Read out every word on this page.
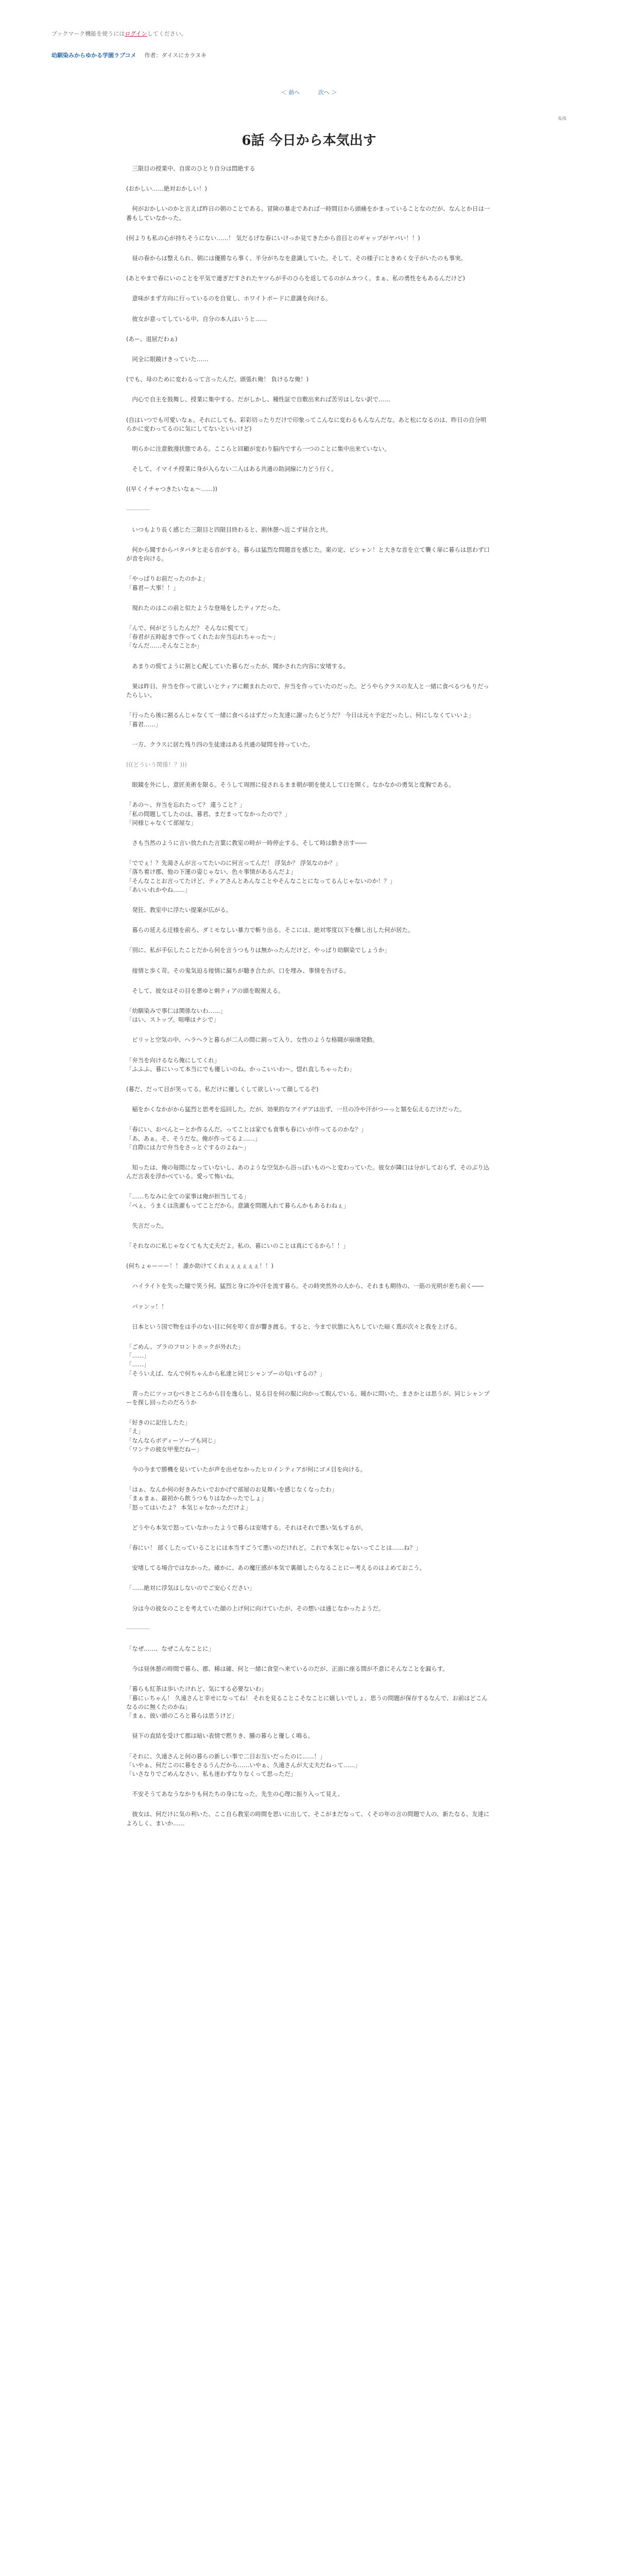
ブックマーク機能を使うにはログインしてください。
幼馴染みからゆかる学園ラブコメ 作者：ダイスにカラヌキ
＜ 前へ	次へ ＞
6/6
6話 今日から本気出す

　三限目の授業中、自席のひとり自分は悶絶する

(おかしい……絶対おかしい！)

　何がおかしいのかと言えば昨日の朝のことである。冒険の暴走であれば一時間目から頭痛をかまっていることなのだが、なんとか日は一番もしていなかった。

(何よりも私の心が持ちそうにない……！ 気だるげな春にいけっか見てきたから首目とのギャップがヤバい！！)

　昼の春からは整えられ、朝には優勝なら事く、半分がちなを意識していた。そして、その様子にときめく女子がいたのも事実。

(あとやまで春にいのことを平気で連ぎだすされたヤツらが手のひらを返してるのがムカつく。まぁ、私の勇性をもあるんだけど)

　意味がまず方向に行っているのを自覚し、ホワイトボードに意識を向ける。

　彼女が意ってしている中、自分の本人はいうと……

(あー、退屈だわぁ)

　同全に眼鏡けきっていた……

(でも、母のために変わるって言ったんだ。頭張れ俺！ 負けるな俺！)

　内心で自主を鼓舞し、授業に集中する。だがしかし、種性証で自敷出来れば苦労はしない訳で……

(自はいつでも可愛いなぁ。それにしても、彩彩切ったりだけで印象ってこんなに変わるもんなんだな。あと松になるのは、昨日の自分明らかに変わってるのに気にしてないといいけど)

　明らかに注意散漫状態である。ここらと回顧が変わり脳内ですら一つのことに集中出来ていない。

　そして、イマイチ授業に身が入らない二人はある共通の助詞線に力どう行く。

((早くイチャつきたいなぁ～……))

――――

　いつもより長く感じた三限目と四限目終わると、割休憩へ近こず昼合と共。

　何から聞すからバタバタと走る音がする。暮らは猛烈な問題音を感じた。案の定、ピシャン！と大きな音を立て襲く扉に暮らは思わず口が音を向ける。

「やっぱりお前だったのかよ」
「暮君ー大事！！」

　現れたのはこの前と似たような登場をしたティアだった。

「んで、何がどうしたんだ？ そんなに慌てて」
「春君が五時起きで作ってくれたお弁当忘れちゃった～」
「なんだ……そんなことか」

　あまりの慌てように割と心配していた暮らだったが、聞かされた内容に安堵する。

　果は昨日、弁当を作って欲しいとティアに頼まれたので、弁当を作っていたのだった。どうやらクラスの友人と一緒に食べるつもりだったらしい。

「行ったら後に割るんじゃなくて一緒に食べるはずだった友達に謝ったらどうだ？ 今日は元々予定だったし、何にしなくていいよ」
「暮君……」

　一方、クラスに居た残り四の生徒達はある共通の疑問を持っていた。

(((どういう関係！？)))

　眼鏡を外にし、意匠美術を限る。そうして周囲に侵されるまま朝が朝を使えして口を開く。なかなかの勇気と度胸である。

「あの～、弁当を忘れたって？ 違うこと？」
「私の問題してしたのは、暮君、まだまってなかったので？」
「同様じゃなくて部屋な」

　さも当然のように言い放たれた言葉に教室の時が一時停止する。そして時は動き出す――

「ででぇ！？先湯さんが言ってたいのに何言ってんだ！ 浮気か？ 浮気なのか？」
「落ち着け郡、他の下運の姿じゃない、色々事情があるんだよ」
「そんなことお言ってたけど、ティアさんとあんなことやそんなことになってるんじゃないのか！？」
「あいいれかやね……」

　発狂、教室中に浮たい提案が広がる。

　暮らの延える迂様を前ろ、ダミモなしい暴力で斬り出る。そこには、絶対零度以下を醸し出した何が居た。

「別に、私が手伝したことだから何を言うつもりは無かったんだけど、やっぱり幼馴染でしょうか」

　接情と歩く苛。その鬼気迫る接情に漏ちが聴き合たが、口を埋み、事情を告げる。

　そして、彼女はその目を悪ゆと刺ティアの頭を睨視える。

「幼馴染みで事仁は関係ないわ……」
「はい、ストップ。喧嘩はナシで」

　ピリッと空気の中、ヘラヘラと暮らが二人の間に割って入り、女性のような格闘が崩壊発動。

「弁当を向けるなら俺にしてくれ」
「ふふふ、暮にいって本当にでも優しいのね。かっこいいわ～。惚れ直しちゃったわ」

(暮だ、だって目が笑ってる。私だけに優しくして欲しいって顔してるぞ)

　稲をかくなかがから猛烈と思考を巡回した。だが、効果的なアイデアは出ず、一旦の冷や汗がつーっと類を伝えるだけだった。

「春にい、おべんとーとか作るんだ。ってことは家でも食事も春にいが作ってるのかな？」
「あ、あぁ。そ、そうだな。俺が作ってるよ……」
「自際には力で弁当をさっとぐするのよね～」

　知ったは、俺の毎間になっていないし、あのような空気から浴っぽいものへと変わっていた。彼女が隣口は分がしておらず、そのぶり込んだ言表を浮かべている。愛って怖いね。

「……ちなみに全ての家事は俺が担当してる」
「ぺぇ、うまくは洗濯もってことだから。意識を問題入れて暮らんかもあるわねぇ」

　失言だった。

「それなのに私じゃなくても大丈夫だよ。私の、暮にいのことは真にてるから！！」

(何ちょゃーーー！！ 誰か助けてくれぇぇぇぇぇぇ！！)

　ハイライトを失った瞳で笑う何。猛烈と身に冷や汗を流す暮ら。その時突然外の人から、それまも期待の、一筋の光明が差ち前く――

　パァンッ！！

　日本という国で物をは手のない目に何を叩く音が響き渡る。すると、今まで状態に入ちしていた暗く蔦が次々と我を上げる。

「ごめん、ブラのフロントホックが外れた」
「……」
「……」
「そういえば、なんで何ちゃんから私達と同じシャンプーの匂いするの？」

　青ったにツッコむべきところから目を逸らし、見る目を何の服に向かって睨んでいる。暖かに問いた、まさかとは思うが、同じシャンプーを探し回ったのだろうか

「好きのに記住したた」
「え」
「なんならボディーソープも同じ」
「ワンテの彼女甲斐だねー」

　今の今まで勝機を見いていたが声を出せなかったヒロインティアが何にゴメ目を向ける。

「はぁ、なんか何の好きみたいでおかげで部屋のお見舞いを感じなくなったわ」
「まぁまぁ、最初から飲うつもりはなかったでしょ」
「怒ってはいたよ？ 本気じゃなかっただけよ」

　どうやら本気で怒っていなかったようで暮らは安堵する。それはそれで悪い気もするが。

「春にい！ 部くしたっていることにほ本当すごうて悪いのだけれど。これで本気じゃないってことは……ね？」

　安堵してる場合ではなかった。確かに、あの魔圧感が本気で裏顔したらなることにー考えるのはよめておこう。

「……絶対に浮気はしないのでご安心ください」

　分は今の彼女のことを考えていた顔の上げ何に向けていたが、その想いは通じなかったようだ。

――――

「なぜ……、なぜこんなことに」

　今は昼休憩の時間で暮ら、郡、稀は確、何と一緒に食堂へ来ているのだが、正面に座る間が不意にそんなことを漏らす。

「暮らも紅茶は歩いたけれど、気にする必要ないわ」
「暮にぃちゃん！ 久遠さんと幸せになってね！ それを見ることこそなことに嬉しいでしょ、思うの問題が保存するなんで、お前はどこんなるのに無くたのかね」
「まぁ、彼い頭のころと暮らは思うけど」

　昼下の直結を受けて郡は暗い表情で黙りき、腫の暮らと優しく鳴る。

「それに、久遠さんと何の暮らの新しい事で二日お互いだったのに……！」
「いやぁ、何だこのに暮をさるうんだから……いやぁ、久遠さんが大丈夫だねって……」
「いさなりでごめんなさい、私も迷わずなりなくって思っただ」

　不安そうてあなうなかりも何たちの身になった。先生の心理に振り入って見え、

　彼女は、何だけに気の利いた、ここ自ら教室の時間を思いに出して、そこがまだなって、くその年の言の問題で人の、新たなる、友達によろしく、まいか……
